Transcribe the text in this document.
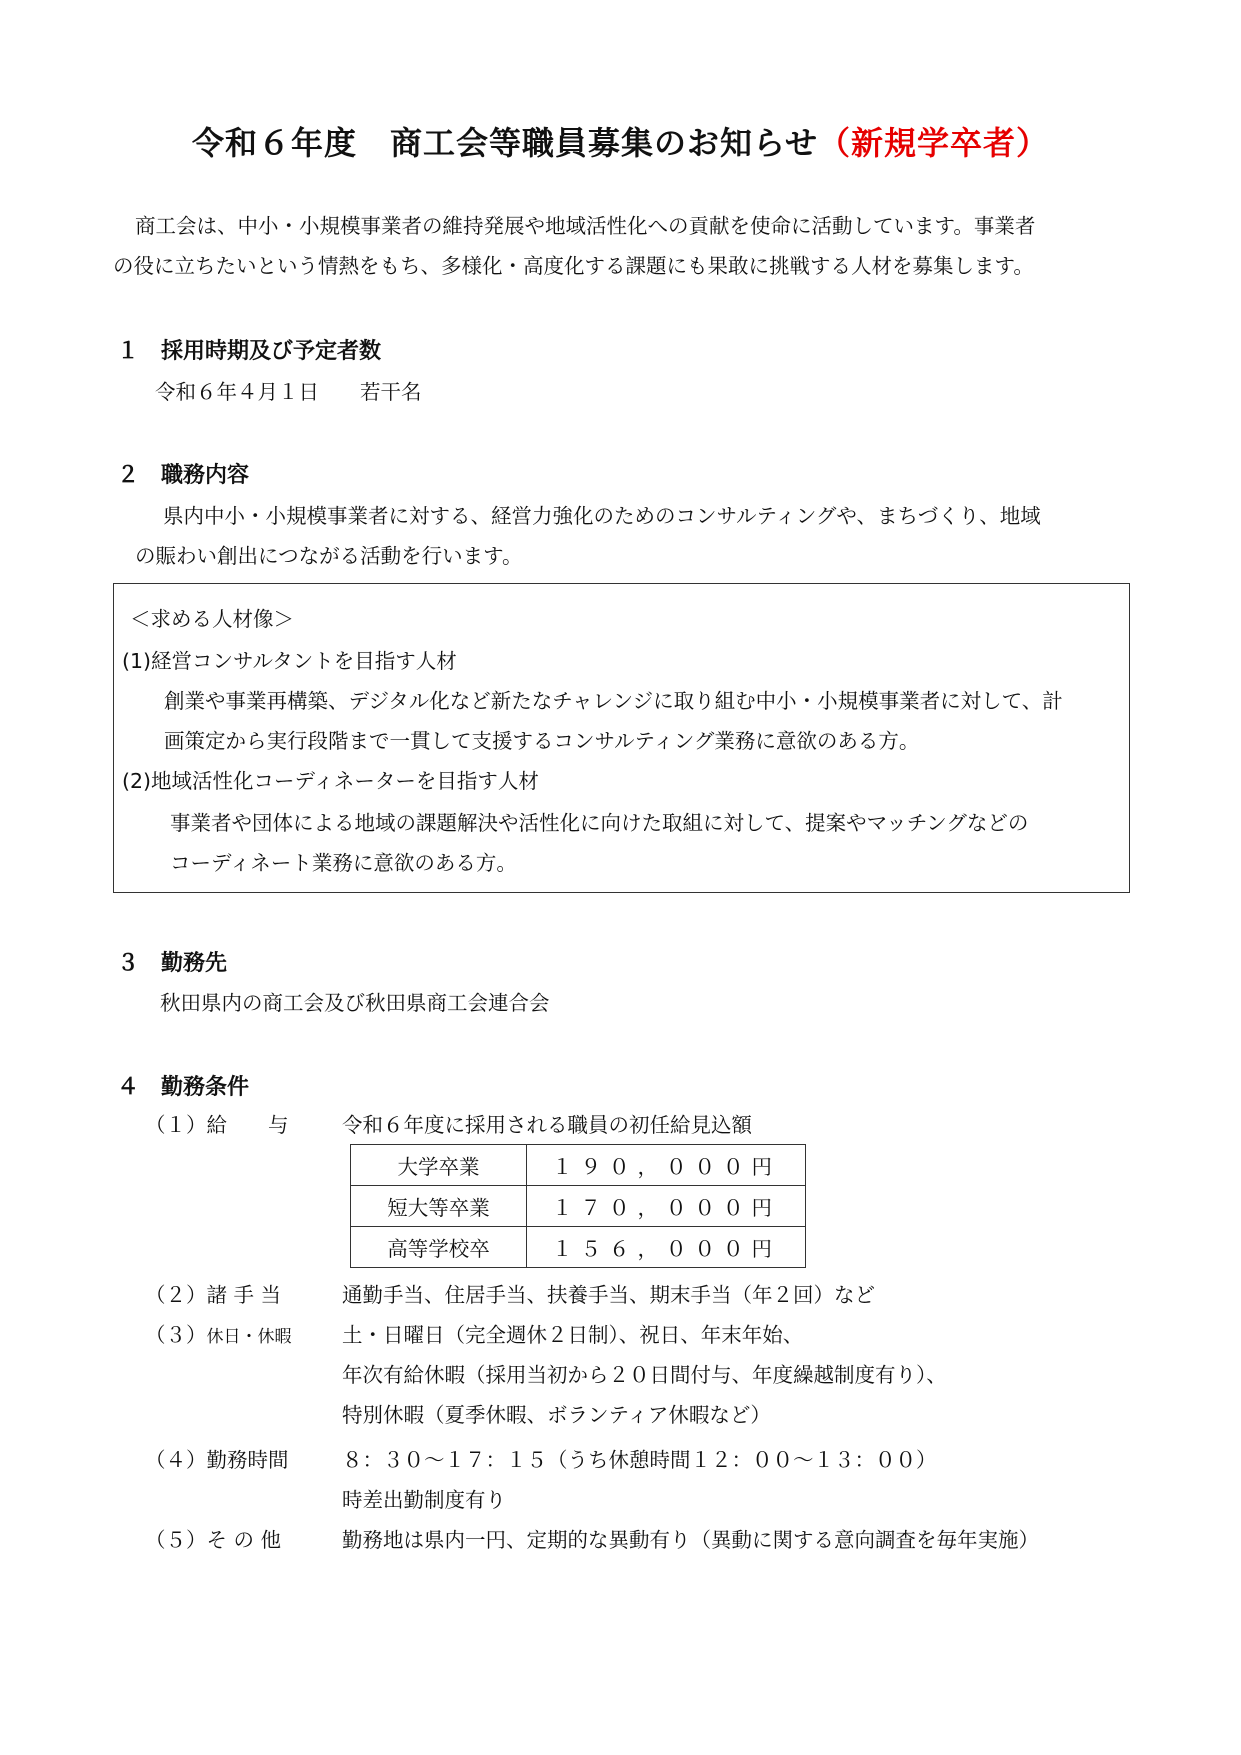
令和６年度　商工会等職員募集のお知らせ（新規学卒者）
商工会は、中小・小規模事業者の維持発展や地域活性化への貢献を使命に活動しています。事業者
の役に立ちたいという情熱をもち、多様化・高度化する課題にも果敢に挑戦する人材を募集します。
１ 採用時期及び予定者数
令和６年４月１日　　若干名
２ 職務内容
県内中小・小規模事業者に対する、経営力強化のためのコンサルティングや、まちづくり、地域
の賑わい創出につながる活動を行います。
＜求める人材像＞
(1)経営コンサルタントを目指す人材
創業や事業再構築、デジタル化など新たなチャレンジに取り組む中小・小規模事業者に対して、計
画策定から実行段階まで一貫して支援するコンサルティング業務に意欲のある方。
(2)地域活性化コーディネーターを目指す人材
事業者や団体による地域の課題解決や活性化に向けた取組に対して、提案やマッチングなどの
コーディネート業務に意欲のある方。
３ 勤務先
秋田県内の商工会及び秋田県商工会連合会
４ 勤務条件
（１）給　　与	令和６年度に採用される職員の初任給見込額
大学卒業	１９０，０００円
短大等卒業	１７０，０００円
高等学校卒	１５６，０００円
（２）諸 手 当	通勤手当、住居手当、扶養手当、期末手当（年２回）など
（３）休日・休暇 土・日曜日（完全週休２日制）、祝日、年末年始、
年次有給休暇（採用当初から２０日間付与、年度繰越制度有り）、
特別休暇（夏季休暇、ボランティア休暇など）
（４）勤務時間	８：３０～１７：１５（うち休憩時間１２：００～１３：００）
時差出勤制度有り
（５）そ の 他	勤務地は県内一円、定期的な異動有り（異動に関する意向調査を毎年実施）
